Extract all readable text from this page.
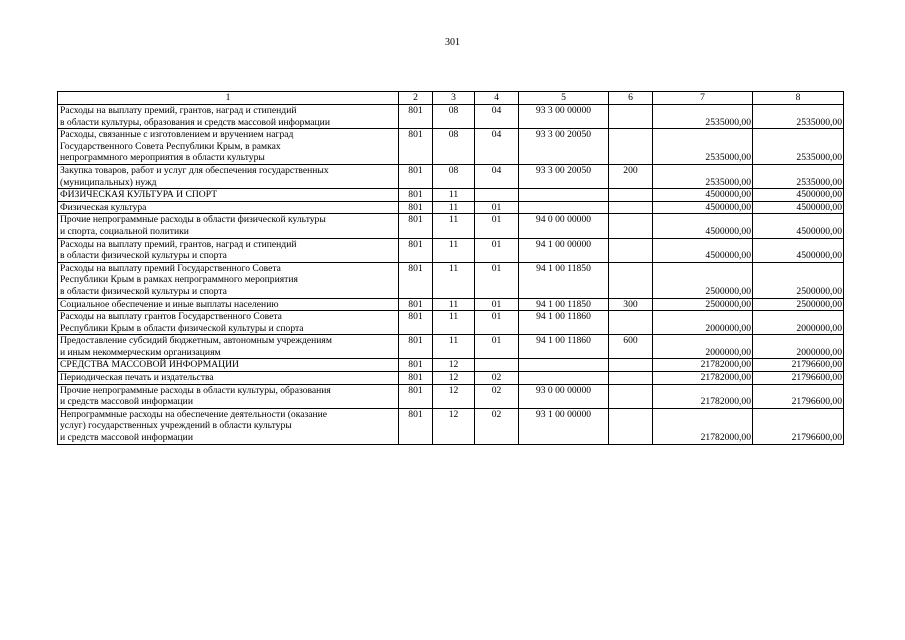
301
1	2	3	4	5	6	7	8

Расходы на выплату премий, грантов, наград и стипендий
в области культуры, образования и средств массовой информации	801	08	04	93 3 00 00000		2535000,00	2535000,00

Расходы, связанные с изготовлением и вручением наград
Государственного Совета Республики Крым, в рамках
непрограммного мероприятия в области культуры	801	08	04	93 3 00 20050		2535000,00	2535000,00

Закупка товаров, работ и услуг для обеспечения государственных
(муниципальных) нужд	801	08	04	93 3 00 20050	200	2535000,00	2535000,00

ФИЗИЧЕСКАЯ КУЛЬТУРА И СПОРТ	801	11				4500000,00	4500000,00

Физическая культура	801	11	01			4500000,00	4500000,00

Прочие непрограммные расходы в области физической культуры
и спорта, социальной политики	801	11	01	94 0 00 00000		4500000,00	4500000,00

Расходы на выплату премий, грантов, наград и стипендий
в области физической культуры и спорта	801	11	01	94 1 00 00000		4500000,00	4500000,00

Расходы на выплату премий Государственного Совета
Республики Крым в рамках непрограммного мероприятия
в области физической культуры и спорта	801	11	01	94 1 00 11850		2500000,00	2500000,00

Социальное обеспечение и иные выплаты населению	801	11	01	94 1 00 11850	300	2500000,00	2500000,00

Расходы на выплату грантов Государственного Совета
Республики Крым в области физической культуры и спорта	801	11	01	94 1 00 11860		2000000,00	2000000,00

Предоставление субсидий бюджетным, автономным учреждениям
и иным некоммерческим организациям	801	11	01	94 1 00 11860	600	2000000,00	2000000,00

СРЕДСТВА МАССОВОЙ ИНФОРМАЦИИ	801	12				21782000,00	21796600,00

Периодическая печать и издательства	801	12	02			21782000,00	21796600,00

Прочие непрограммные расходы в области культуры, образования
и средств массовой информации	801	12	02	93 0 00 00000		21782000,00	21796600,00

Непрограммные расходы на обеспечение деятельности (оказание
услуг) государственных учреждений в области культуры
и средств массовой информации	801	12	02	93 1 00 00000		21782000,00	21796600,00
